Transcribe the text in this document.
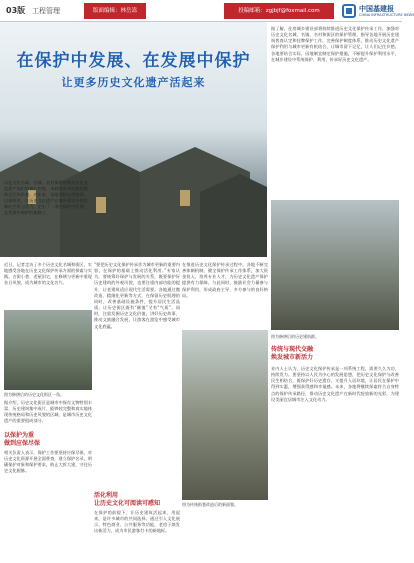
03版 工程管理	版面编辑：林岳嵩	投稿邮箱：zgjbjf@foxmail.com	中国基建报
CHINA INFRASTRUCTURE NEWS
在保护中发展、在发展中保护
让更多历史文化遗产活起来
历史文化名城、名镇、名村保护是城乡历史文化遗产保护的核心内容，承载着中华民族的集体记忆和乡愁。近年来，各地坚持以用促保、以保带用，让历史文化遗产在城乡建设中焕发新的生机与活力，走出了一条在保护中发展、在发展中保护的新路子。
近日，记者走访了多个历史文化名城和街区，实地感受各地在历史文化保护传承方面的探索与实践。古街小巷、老屋旧宅，在修缮与更新中重现昔日风貌，成为城市的文化名片。
图为修缮后的历史文化街区一角。
据介绍，历史文化街区是城市中保存文物特别丰富、历史建筑集中成片、能够较完整和真实地体现传统格局和历史风貌的区域，是城市历史文化遗产的重要组成部分。
以保护为重
做到应保尽保
相关负责人表示，保护工作要坚持应保尽保，对历史文化资源开展全面普查，建立保护名录，明确保护对象和保护要求，防止大拆大建，守住历史文化根脉。
“要把历史文化保护传承作为城市更新的重要内容，在保护的基础上推动活化利用。”专家认为，要统筹好保护与发展的关系，既要保护好历史建筑的外观风貌，也要注重内部功能的提升，让老建筑适应现代生活需要。各地通过微改造、精细化更新等方式，在保留历史肌理的同时，改善基础设施条件，提升居民生活品质，让历史街区既有“颜值”又有“气质”。同时，注重发掘历史文化价值，讲好历史故事，推动文旅融合发展，让游客在游览中感受城市文化底蕴。
活化利用
让历史文化可阅读可感知
在保护的前提下，让历史建筑活起来、用起来，是许多城市的共同选择。通过引入文化展示、特色商业、公共服务等功能，老房子焕发出新活力，成为市民游客打卡的新地标。
在推进历史文化保护传承过程中，各地不断完善体制机制，健全保护传承工作体系，加大资金投入，培养专业人才，为历史文化遗产保护提供有力保障。与此同时，鼓励社会力量参与保护利用，形成政府主导、多方参与的良好格局。
图为传统街巷改造后的新面貌。
据了解，住房城乡建设部将持续推进历史文化保护传承工作，加强对历史文化名城、名镇、名村和街区的保护管理，指导各地开展历史建筑普查认定和挂牌保护工作，完善保护制度体系，推动历史文化遗产保护利用与城市更新有机结合，让城市留下记忆，让人们记住乡愁。各地要结合实际，因地制宜制定保护措施，不断提升保护利用水平，在城乡建设中系统保护、利用、传承好历史文化遗产。
图为修缮后的历史建筑群。
传统与现代交融
焕发城市新活力
业内人士认为，历史文化保护传承是一项系统工程，需要久久为功、持续发力。要坚持以人民为中心的发展思想，把历史文化保护与改善民生相结合，既保护好历史遗存，又提升人居环境，让居民在保护中得到实惠，增强获得感和幸福感。未来，各地将继续探索符合自身特点的保护传承路径，推动历史文化遗产在新时代绽放新的光彩，为建设美丽宜居城市注入文化动力。
